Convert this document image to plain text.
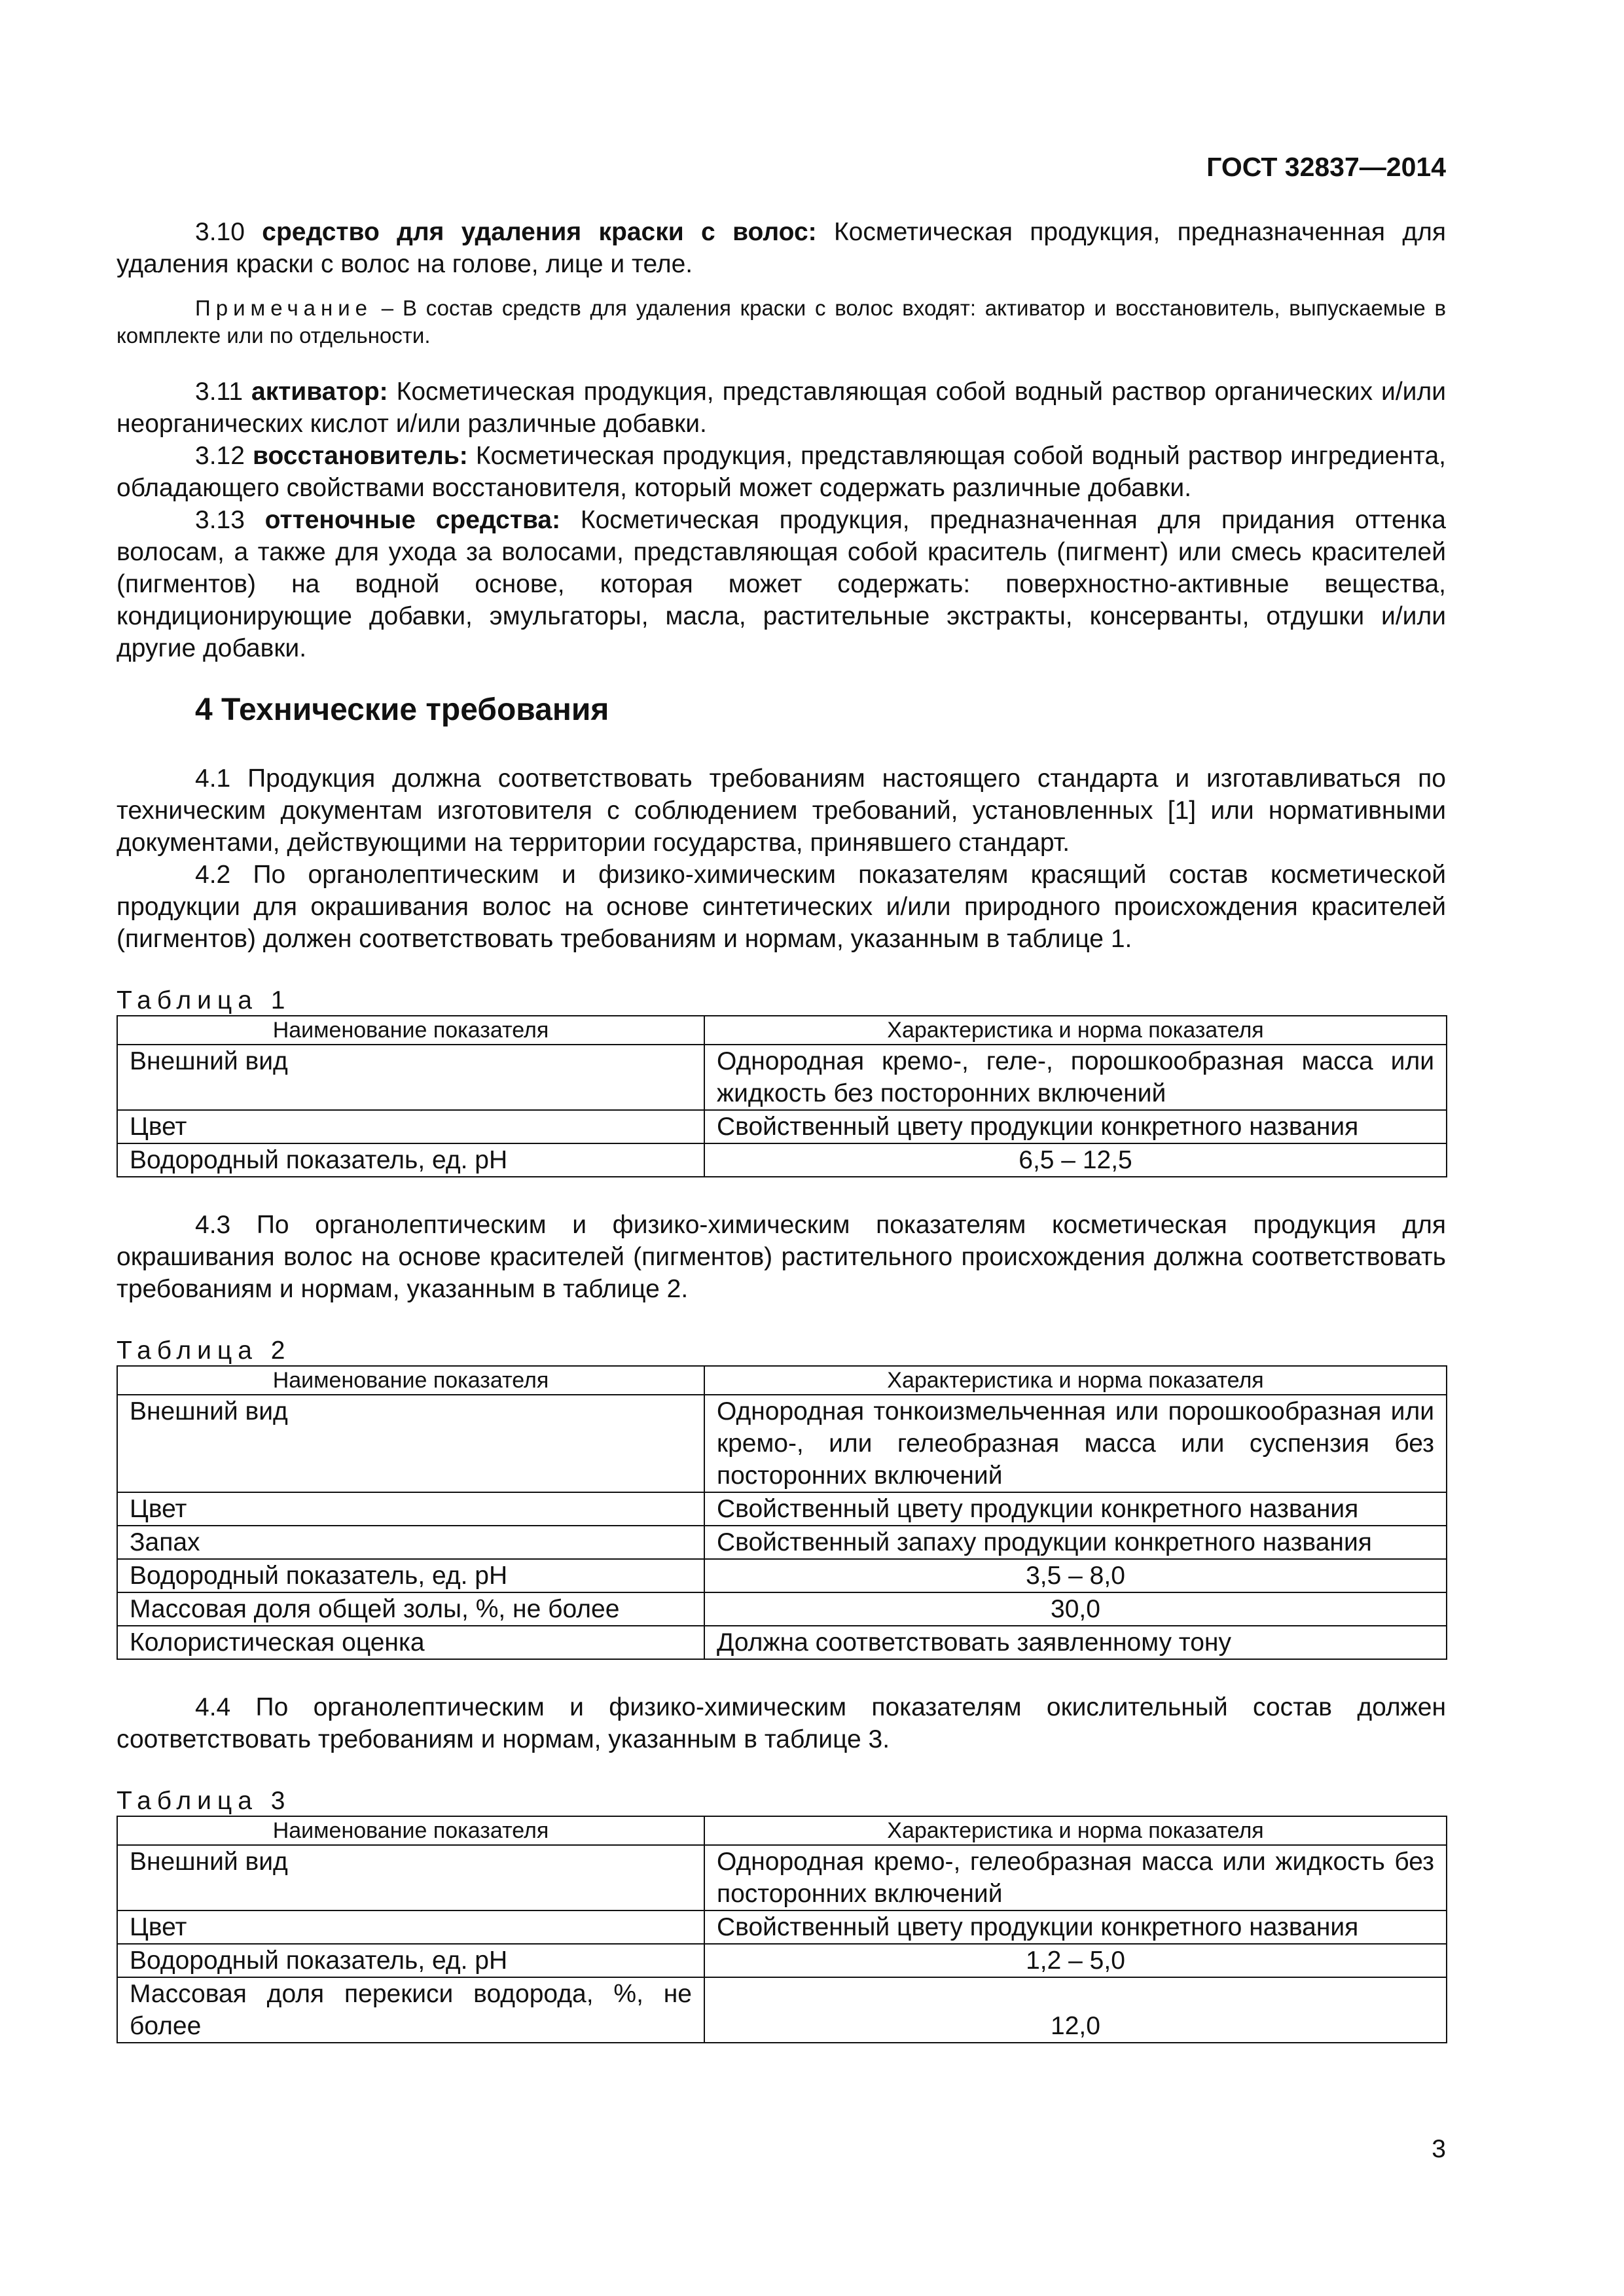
ГОСТ 32837—2014

3.10 средство для удаления краски с волос: Косметическая продукция, предназначенная для удаления краски с волос на голове, лице и теле.

Примечание – В состав средств для удаления краски с волос входят: активатор и восстановитель, выпускаемые в комплекте или по отдельности.

3.11 активатор: Косметическая продукция, представляющая собой водный раствор органических и/или неорганических кислот и/или различные добавки.

3.12 восстановитель: Косметическая продукция, представляющая собой водный раствор ингредиента, обладающего свойствами восстановителя, который может содержать различные добавки.

3.13 оттеночные средства: Косметическая продукция, предназначенная для придания оттенка волосам, а также для ухода за волосами, представляющая собой краситель (пигмент) или смесь красителей (пигментов) на водной основе, которая может содержать: поверхностно-активные вещества, кондиционирующие добавки, эмульгаторы, масла, растительные экстракты, консерванты, отдушки и/или другие добавки.

4 Технические требования

4.1 Продукция должна соответствовать требованиям настоящего стандарта и изготавливаться по техническим документам изготовителя с соблюдением требований, установленных [1] или нормативными документами, действующими на территории государства, принявшего стандарт.

4.2 По органолептическим и физико-химическим показателям красящий состав косметической продукции для окрашивания волос на основе синтетических и/или природного происхождения красителей (пигментов) должен соответствовать требованиям и нормам, указанным в таблице 1.

Таблица 1
Наименование показателя	Характеристика и норма показателя
Внешний вид	Однородная кремо-, геле-, порошкообразная масса или жидкость без посторонних включений
Цвет	Свойственный цвету продукции конкретного названия
Водородный показатель, ед. pH	6,5 – 12,5

4.3 По органолептическим и физико-химическим показателям косметическая продукция для окрашивания волос на основе красителей (пигментов) растительного происхождения должна соответствовать требованиям и нормам, указанным в таблице 2.

Таблица 2
Наименование показателя	Характеристика и норма показателя
Внешний вид	Однородная тонкоизмельченная или порошкообразная или кремо-, или гелеобразная масса или суспензия без посторонних включений
Цвет	Свойственный цвету продукции конкретного названия
Запах	Свойственный запаху продукции конкретного названия
Водородный показатель, ед. pH	3,5 – 8,0
Массовая доля общей золы, %, не более	30,0
Колористическая оценка	Должна соответствовать заявленному тону

4.4 По органолептическим и физико-химическим показателям окислительный состав должен соответствовать требованиям и нормам, указанным в таблице 3.

Таблица 3
Наименование показателя	Характеристика и норма показателя
Внешний вид	Однородная кремо-, гелеобразная масса или жидкость без посторонних включений
Цвет	Свойственный цвету продукции конкретного названия
Водородный показатель, ед. pH	1,2 – 5,0
Массовая доля перекиси водорода, %, не более	12,0
3
